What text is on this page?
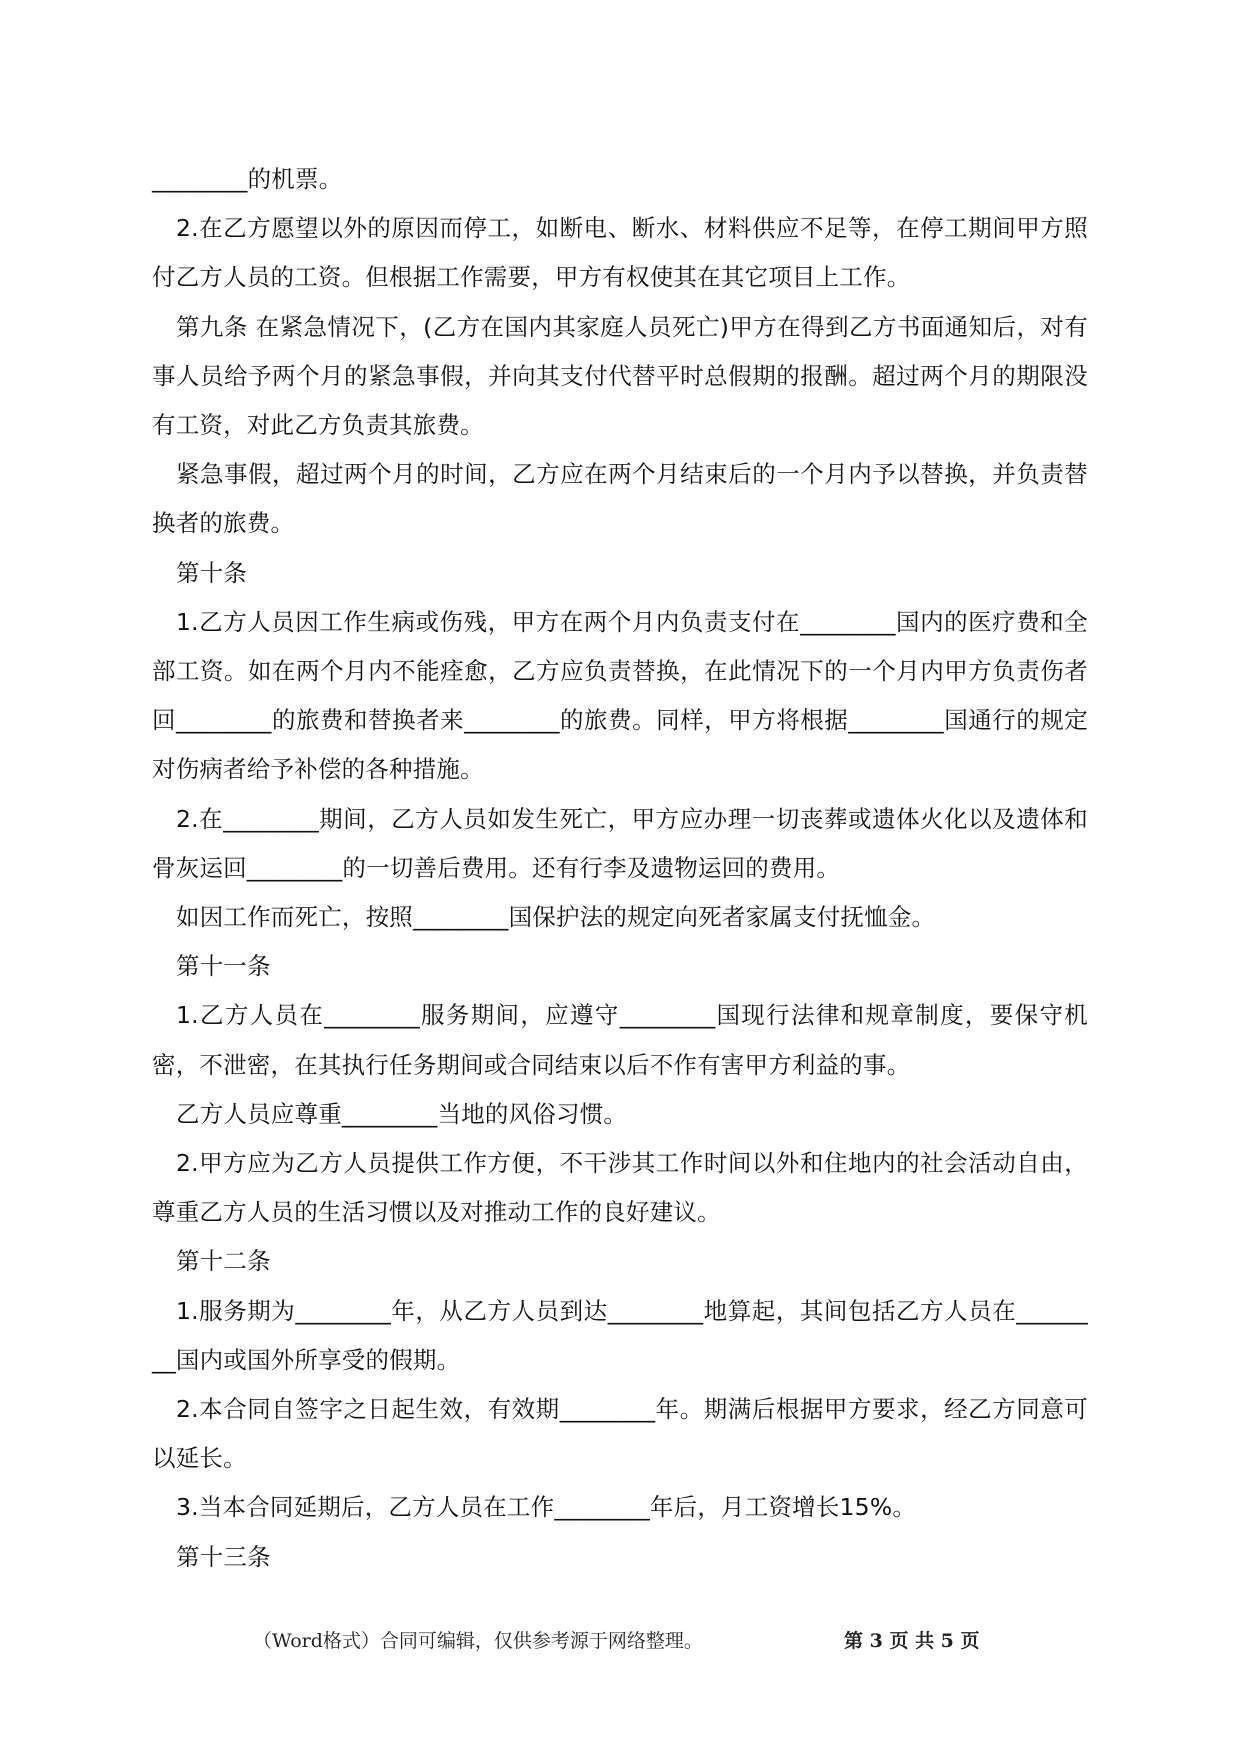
________的机票。

2.在乙方愿望以外的原因而停工，如断电、断水、材料供应不足等，在停工期间甲方照付乙方人员的工资。但根据工作需要，甲方有权使其在其它项目上工作。

第九条 在紧急情况下，(乙方在国内其家庭人员死亡)甲方在得到乙方书面通知后，对有事人员给予两个月的紧急事假，并向其支付代替平时总假期的报酬。超过两个月的期限没有工资，对此乙方负责其旅费。

紧急事假，超过两个月的时间，乙方应在两个月结束后的一个月内予以替换，并负责替换者的旅费。

第十条

1.乙方人员因工作生病或伤残，甲方在两个月内负责支付在________国内的医疗费和全部工资。如在两个月内不能痊愈，乙方应负责替换，在此情况下的一个月内甲方负责伤者回________的旅费和替换者来________的旅费。同样，甲方将根据________国通行的规定对伤病者给予补偿的各种措施。

2.在________期间，乙方人员如发生死亡，甲方应办理一切丧葬或遗体火化以及遗体和骨灰运回________的一切善后费用。还有行李及遗物运回的费用。

如因工作而死亡，按照________国保护法的规定向死者家属支付抚恤金。

第十一条

1.乙方人员在________服务期间，应遵守________国现行法律和规章制度，要保守机密，不泄密，在其执行任务期间或合同结束以后不作有害甲方利益的事。

乙方人员应尊重________当地的风俗习惯。

2.甲方应为乙方人员提供工作方便，不干涉其工作时间以外和住地内的社会活动自由，尊重乙方人员的生活习惯以及对推动工作的良好建议。

第十二条

1.服务期为________年，从乙方人员到达________地算起，其间包括乙方人员在________国内或国外所享受的假期。

2.本合同自签字之日起生效，有效期________年。期满后根据甲方要求，经乙方同意可以延长。

3.当本合同延期后，乙方人员在工作________年后，月工资增长15%。

第十三条

（Word格式）合同可编辑，仅供参考源于网络整理。	第 3 页 共 5 页
